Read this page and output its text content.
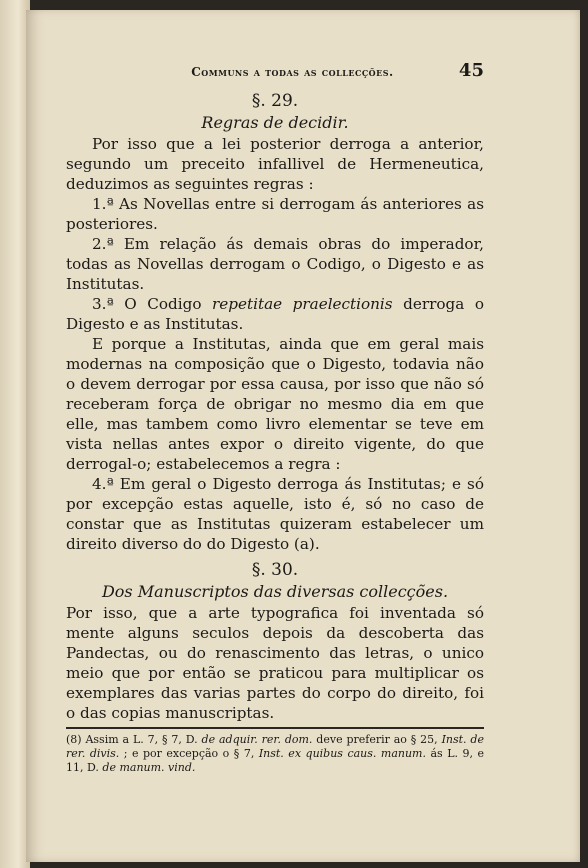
Communs a todas as collecções.	45
§. 29.
Regras de decidir.

Por isso que a lei posterior derroga a anterior, segundo um preceito infallivel de Hermeneutica, deduzimos as seguintes regras :

1.ª As Novellas entre si derrogam ás anteriores as posteriores.

2.ª Em relação ás demais obras do imperador, todas as Novellas derrogam o Codigo, o Digesto e as Institutas.

3.ª O Codigo repetitae praelectionis derroga o Digesto e as Institutas.

E porque a Institutas, ainda que em geral mais modernas na composição que o Digesto, todavia não o devem derrogar por essa causa, por isso que não só receberam força de obrigar no mesmo dia em que elle, mas tambem como livro elementar se teve em vista nellas antes expor o direito vigente, do que derrogal-o; estabelecemos a regra :

4.ª Em geral o Digesto derroga ás Institutas; e só por excepção estas aquelle, isto é, só no caso de constar que as Institutas quizeram estabelecer um direito diverso do do Digesto (a).

§. 30.
Dos Manuscriptos das diversas collecções.

Por isso, que a arte typografica foi inventada só mente alguns seculos depois da descoberta das Pandectas, ou do renascimento das letras, o unico meio que por então se praticou para multiplicar os exemplares das varias partes do corpo do direito, foi o das copias manuscriptas.

(8) Assim a L. 7, § 7, D. de adquir. rer. dom. deve preferir ao § 25, Inst. de rer. divis. ; e por excepção o § 7, Inst. ex quibus caus. manum. ás L. 9, e 11, D. de manum. vind.
